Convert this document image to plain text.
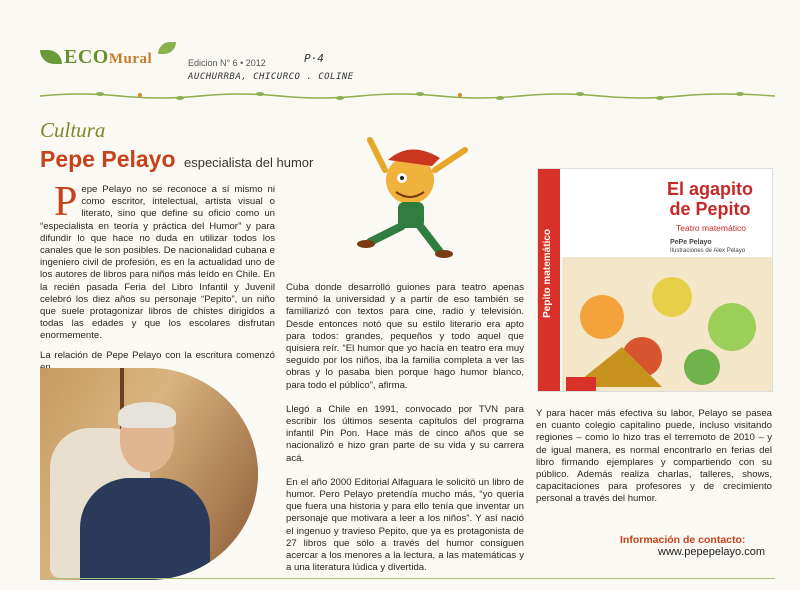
ECOMural	Edicion N° 6 • 2012	P·4
AUCHURRBA, CHICURCO . COLINE
Cultura
Pepe Pelayo especialista del humor
P epe Pelayo no se reconoce a sí mismo ni como escritor, intelectual, artista visual o literato, sino que define su oficio como un “especialista en teoría y práctica del Humor” y para difundir lo que hace no duda en utilizar todos los canales que le son posibles. De nacionalidad cubana e ingeniero civil de profesión, es en la actualidad uno de los autores de libros para niños más leído en Chile. En la recién pasada Feria del Libro Infantil y Juvenil celebró los diez años su personaje “Pepito”, un niño que suele protagonizar libros de chistes dirigidos a todas las edades y que los escolares disfrutan enormemente.
La relación de Pepe Pelayo con la escritura comenzó

Cuba donde desarrolló guiones para teatro apenas terminó la universidad y a partir de eso también se familiarizó con textos para cine, radio y televisión. Desde entonces notó que su estilo literario era apto para todos: grandes, pequeños y todo aquel que quisiera reír. “El humor que yo hacía en teatro era muy seguido por los niños, iba la familia completa a ver las obras y lo pasaba bien porque hago humor blanco, para todo el público”, afirma.

Llegó a Chile en 1991, convocado por TVN para escribir los últimos sesenta capítulos del programa infantil Pin Pon. Hace más de cinco años que se nacionalizó e hizo gran parte de su vida y su carrera acá.

En el año 2000 Editorial Alfaguara le solicitó un libro de humor. Pero Pelayo pretendía mucho más, “yo quería que fuera una historia y para ello tenía que inventar un personaje que motivara a leer a los niños”. Y así nació el ingenuo y travieso Pepito, que ya es protagonista de 27 libros que sólo a través del humor consiguen acercar a los menores a la lectura, a las matemáticas y a una literatura lúdica y divertida.

Pepito matemático
El agapito
de Pepito
Teatro matemático
PePe Pelayo
Ilustraciones de Alex Pelayo
Y para hacer más efectiva su labor, Pelayo se pasea en cuanto colegio capitalino puede, incluso visitando regiones – como lo hizo tras el terremoto de 2010 – y de igual manera, es normal encontrarlo en ferias del libro firmando ejemplares y compartiendo con su público. Además realiza charlas, talleres, shows, capacitaciones para profesores y de crecimiento personal a través del humor.
Información de contacto:
www.pepepelayo.com
